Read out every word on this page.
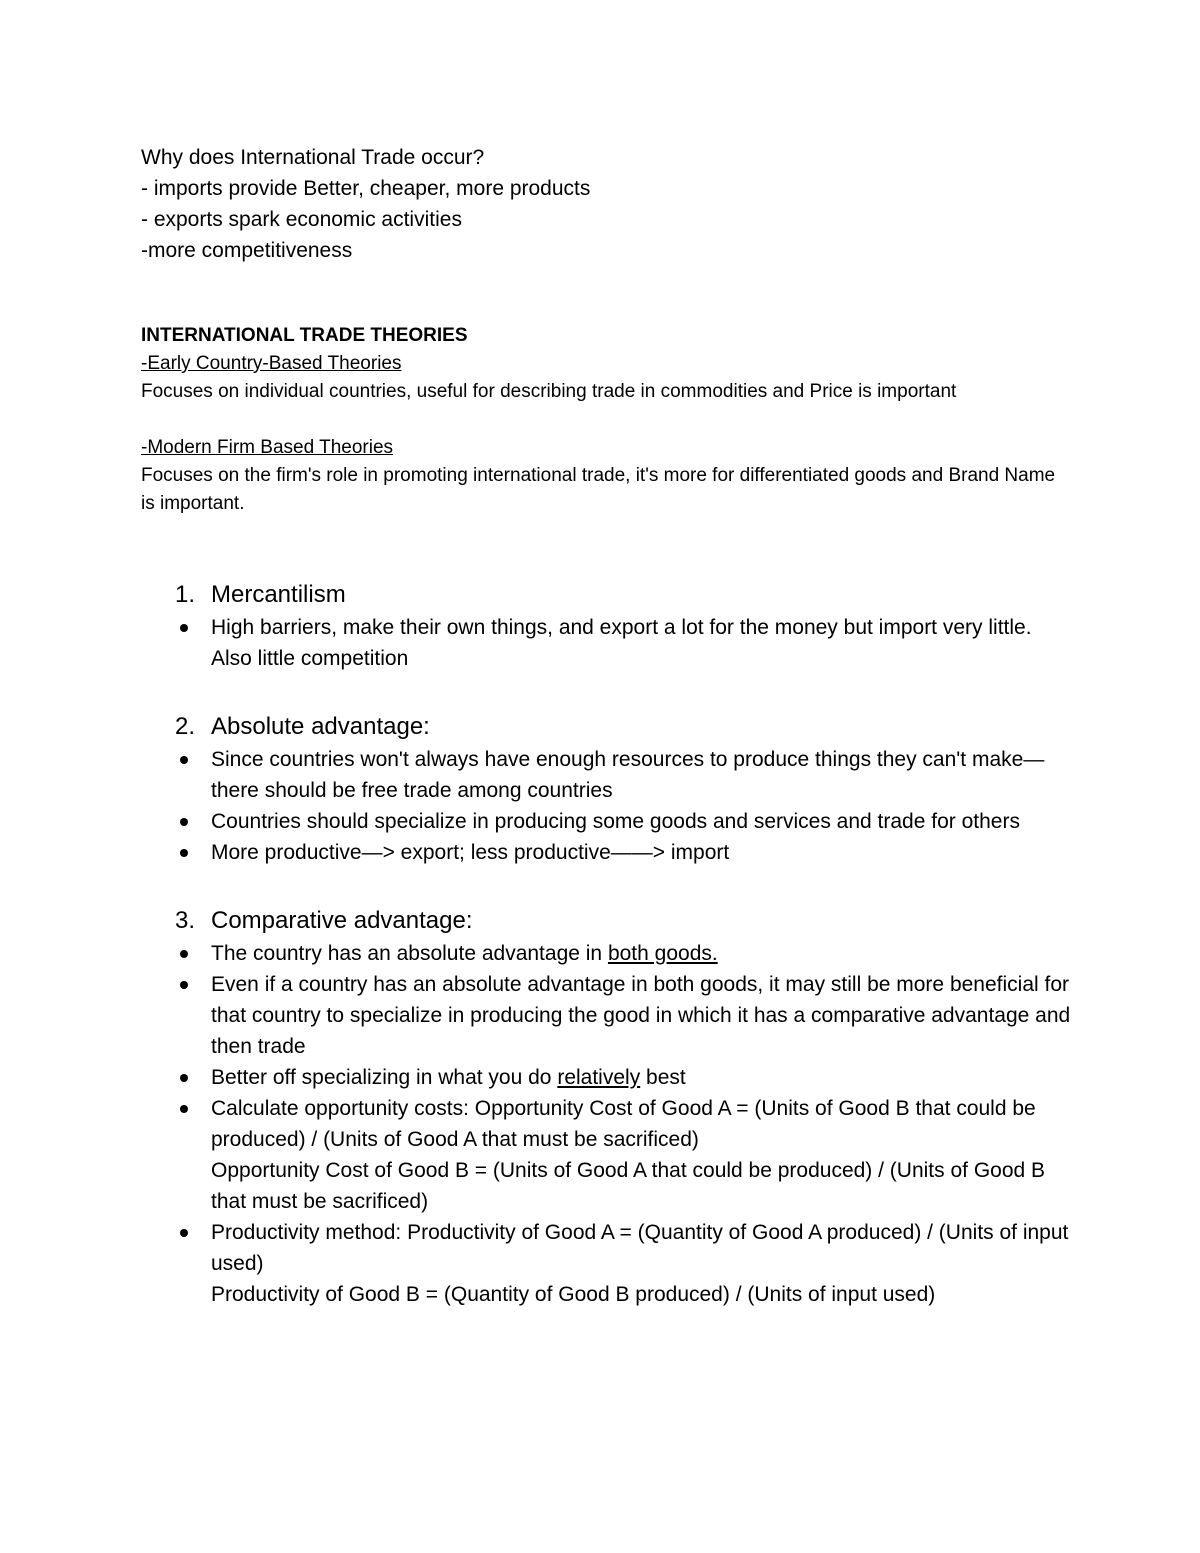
Why does International Trade occur?
- imports provide Better, cheaper, more products
- exports spark economic activities
-more competitiveness
INTERNATIONAL TRADE THEORIES
-Early Country-Based Theories
Focuses on individual countries, useful for describing trade in commodities and Price is important
-Modern Firm Based Theories
Focuses on the firm's role in promoting international trade, it's more for differentiated goods and Brand Name is important.
1. Mercantilism
High barriers, make their own things, and export a lot for the money but import very little. Also little competition
2. Absolute advantage:
Since countries won't always have enough resources to produce things they can't make— there should be free trade among countries
Countries should specialize in producing some goods and services and trade for others
More productive—> export; less productive——> import
3. Comparative advantage:
The country has an absolute advantage in both goods.
Even if a country has an absolute advantage in both goods, it may still be more beneficial for that country to specialize in producing the good in which it has a comparative advantage and then trade
Better off specializing in what you do relatively best
Calculate opportunity costs: Opportunity Cost of Good A = (Units of Good B that could be produced) / (Units of Good A that must be sacrificed)
Opportunity Cost of Good B = (Units of Good A that could be produced) / (Units of Good B that must be sacrificed)
Productivity method: Productivity of Good A = (Quantity of Good A produced) / (Units of input used)
Productivity of Good B = (Quantity of Good B produced) / (Units of input used)
